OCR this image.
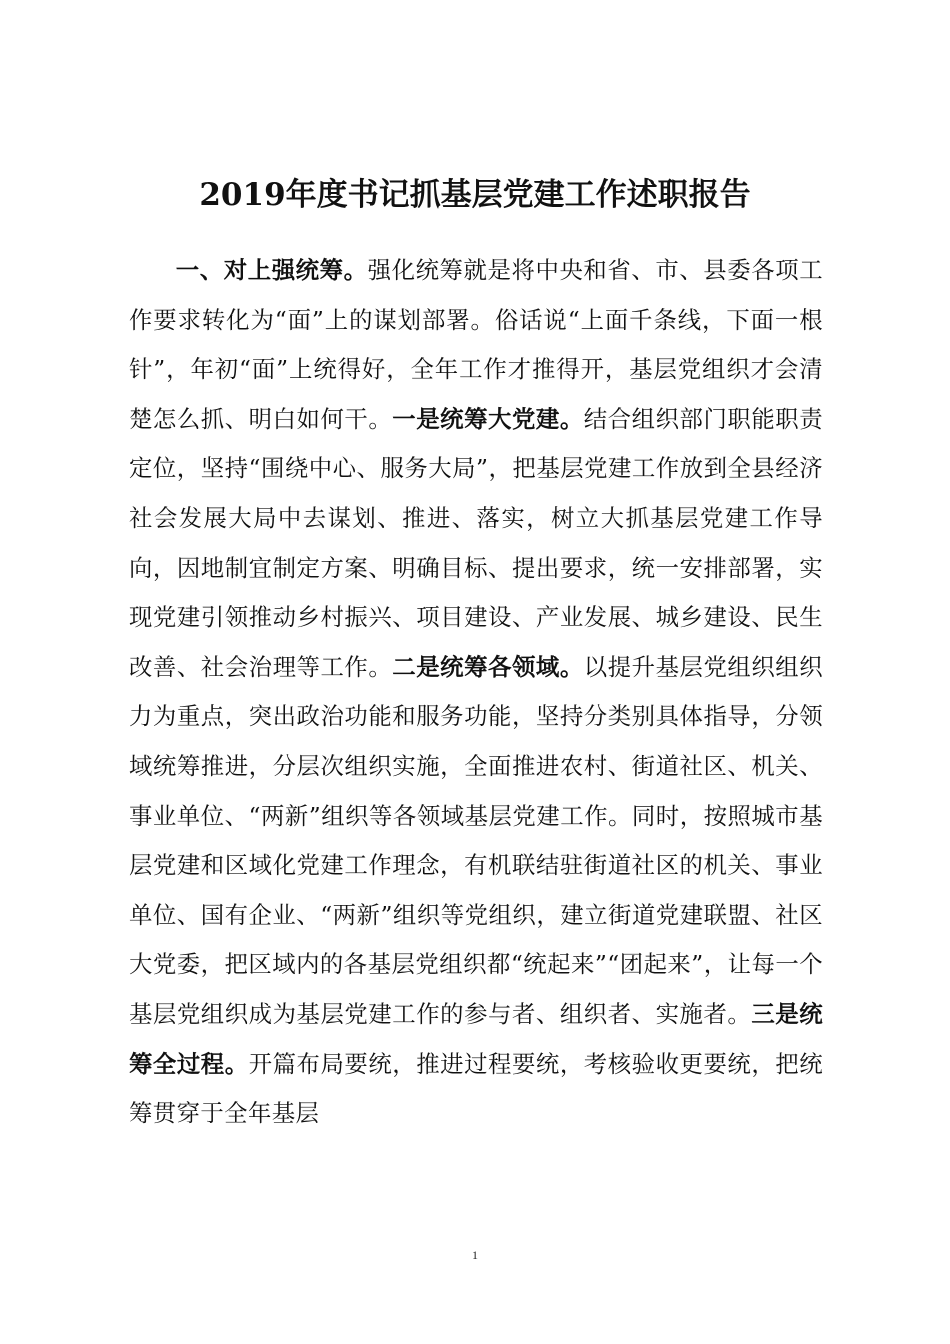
2019年度书记抓基层党建工作述职报告

一、对上强统筹。强化统筹就是将中央和省、市、县委各项工作要求转化为“面”上的谋划部署。俗话说“上面千条线，下面一根针”，年初“面”上统得好，全年工作才推得开，基层党组织才会清楚怎么抓、明白如何干。一是统筹大党建。结合组织部门职能职责定位，坚持“围绕中心、服务大局”，把基层党建工作放到全县经济社会发展大局中去谋划、推进、落实，树立大抓基层党建工作导向，因地制宜制定方案、明确目标、提出要求，统一安排部署，实现党建引领推动乡村振兴、项目建设、产业发展、城乡建设、民生改善、社会治理等工作。二是统筹各领域。以提升基层党组织组织力为重点，突出政治功能和服务功能，坚持分类别具体指导，分领域统筹推进，分层次组织实施，全面推进农村、街道社区、机关、事业单位、“两新”组织等各领域基层党建工作。同时，按照城市基层党建和区域化党建工作理念，有机联结驻街道社区的机关、事业单位、国有企业、“两新”组织等党组织，建立街道党建联盟、社区大党委，把区域内的各基层党组织都“统起来”“团起来”，让每一个基层党组织成为基层党建工作的参与者、组织者、实施者。三是统筹全过程。开篇布局要统，推进过程要统，考核验收更要统，把统筹贯穿于全年基层

1
